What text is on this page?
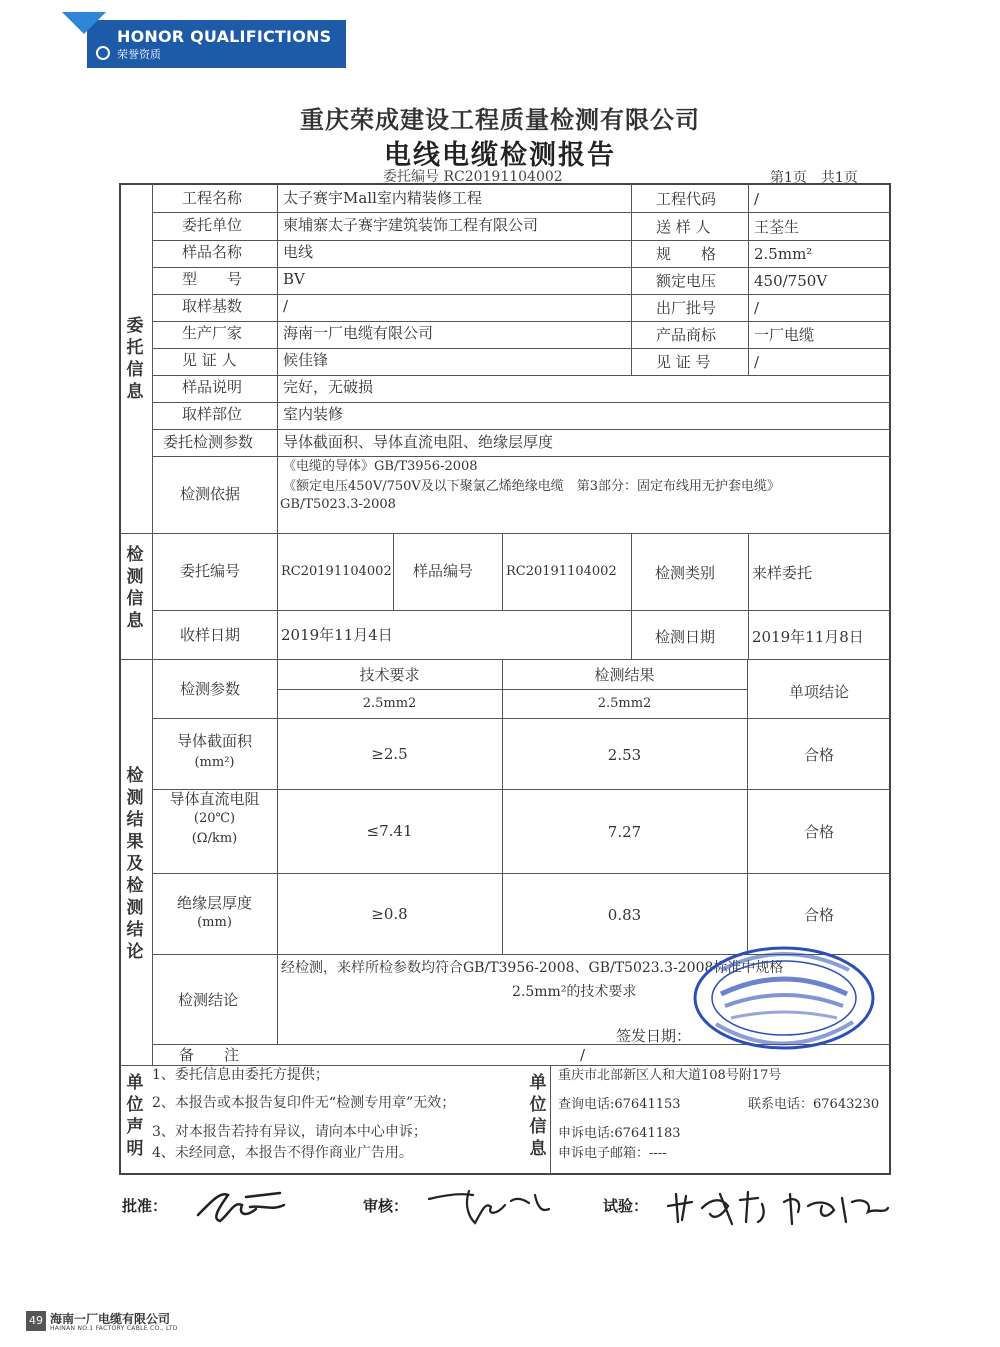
HONOR QUALIFICTIONS
荣誉资质
重庆荣成建设工程质量检测有限公司
电线电缆检测报告
委托编号 RC20191104002	第1页　共1页
委托信息
检测信息
检测结果及检测结论
单位声明
单位信息
工程名称	太子赛宇Mall室内精装修工程	工程代码	/
委托单位	柬埔寨太子赛宇建筑装饰工程有限公司	送 样 人	王荃生
样品名称	电线	规　　格	2.5mm²
型　　号	BV	额定电压	450/750V
取样基数	/	出厂批号	/
生产厂家	海南一厂电缆有限公司	产品商标	一厂电缆
见 证 人	候佳锋	见 证 号	/
样品说明	完好，无破损
取样部位	室内装修
委托检测参数 导体截面积、导体直流电阻、绝缘层厚度
检测依据
《电缆的导体》GB/T3956-2008
《额定电压450V/750V及以下聚氯乙烯绝缘电缆　第3部分：固定布线用无护套电缆》
GB/T5023.3-2008
委托编号	RC20191104002 样品编号	RC20191104002	检测类别 来样委托
收样日期	2019年11月4日	检测日期 2019年11月8日
检测参数
技术要求	检测结果
2.5mm2	2.5mm2
单项结论
导体截面积
(mm²)	≥2.5	2.53	合格
导体直流电阻
(20℃)
(Ω/km)	≤7.41	7.27	合格
绝缘层厚度
(mm)	≥0.8	0.83	合格
检测结论
经检测，来样所检参数均符合GB/T3956-2008、GB/T5023.3-2008标准中规格
2.5mm²的技术要求
签发日期：
备　　注	/
1、委托信息由委托方提供；
2、本报告或本报告复印件无“检测专用章”无效；
3、对本报告若持有异议，请向本中心申诉；
4、未经同意，本报告不得作商业广告用。
重庆市北部新区人和大道108号附17号
查询电话:67641153	联系电话：67643230
申诉电话:67641183
申诉电子邮箱：----
批准：	审核：	试验：
49 海南一厂电缆有限公司
HAINAN NO.1 FACTORY CABLE CO., LTD
